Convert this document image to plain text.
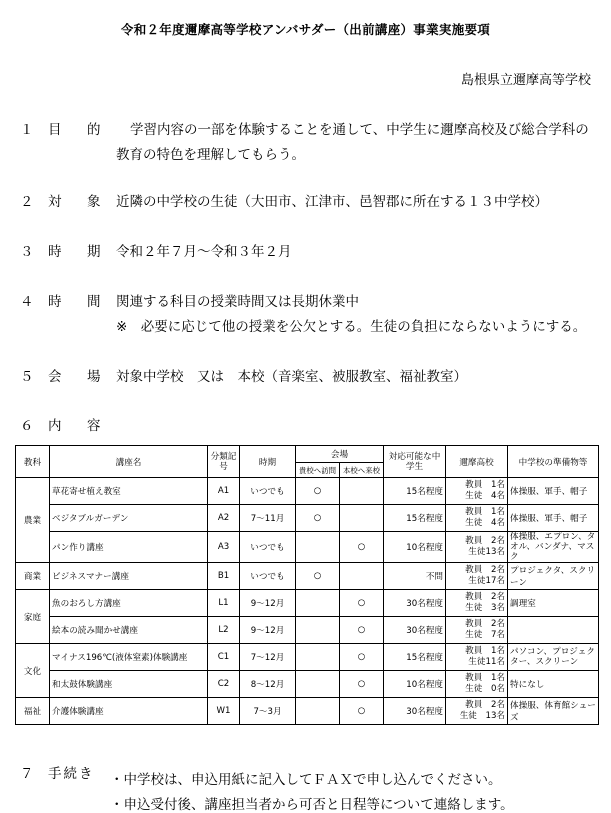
令和２年度邇摩高等学校アンバサダー（出前講座）事業実施要項
島根県立邇摩高等学校
１	目　的	学習内容の一部を体験することを通して、中学生に邇摩高校及び総合学科の
教育の特色を理解してもらう。
２	対　象 近隣の中学校の生徒（大田市、江津市、邑智郡に所在する１３中学校）
３	時　期 令和２年７月～令和３年２月
４	時　間 関連する科目の授業時間又は長期休業中
※　必要に応じて他の授業を公欠とする。生徒の負担にならないようにする。
５	会　場 対象中学校　又は　本校（音楽室、被服教室、福祉教室）
６	内　容
教科	講座名	分類記号	時期	会場		対応可能な中学生	邇摩高校	中学校の準備物等
				貴校へ訪問	本校へ来校			
農業	草花寄せ植え教室	A1	いつでも	○		15名程度	教員　1名
生徒　4名	体操服、軍手、帽子
	ベジタブルガーデン	A2	7～11月	○		15名程度	教員　1名
生徒　4名	体操服、軍手、帽子
	パン作り講座	A3	いつでも		○	10名程度	教員　2名
生徒13名	体操服、エプロン、タオル、バンダナ、マスク
商業	ビジネスマナー講座	B1	いつでも	○		不問	教員　2名
生徒17名	プロジェクタ、スクリーン
家庭	魚のおろし方講座	L1	9～12月		○	30名程度	教員　2名
生徒　3名	調理室
	絵本の読み聞かせ講座	L2	9～12月		○	30名程度	教員　2名
生徒　7名	

文化	マイナス196℃(液体窒素)体験講座	C1	7～12月		○	15名程度	教員　1名
生徒11名	パソコン、プロジェクター、スクリーン
	和太鼓体験講座	C2	8～12月		○	10名程度	教員　1名
生徒　0名	特になし
福祉	介護体験講座	W1	7～3月		○	30名程度	教員　2名
生徒　13名	体操服、体育館シューズ
７	手続き	・中学校は、申込用紙に記入してＦＡＸで申し込んでください。
・申込受付後、講座担当者から可否と日程等について連絡します。
